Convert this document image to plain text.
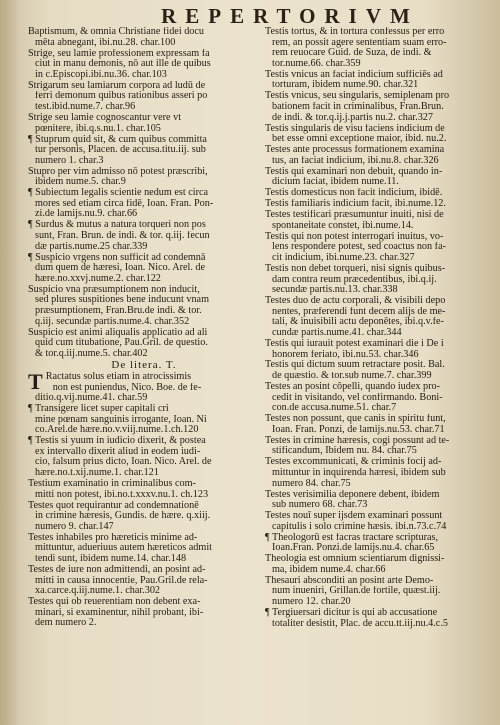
REPERTORIVM
Baptismum, & omnia Christiane fidei docu
mēta abnegant, ibi.nu.28. char.100
Strige, seu lamie professionem expressam fa
ciut in manu demonis, nō aut ille de quibus
in c.Episcopi.ibi.nu.36. char.103
Strigarum seu lamiarum corpora ad ludū de
ferri demonum quibus rationibus asseri po
test.ibid.nume.7. char.96
Strige seu lamie cognoscantur vere vt
pœnitere, ibi.q.s.nu.1. char.105
¶ Stuprum quid sit, & cum quibus committa
tur personis, Placen. de accusa.titu.iij. sub
numero 1. char.3
Stupro per vim admisso nō potest præscribi,
ibidem nume.5. char.9
¶ Subiectum legalis scientie nedum est circa
mores sed etiam circa fidē, Ioan. Fran. Pon-
zi.de lamijs.nu.9. char.66
¶ Surdus & mutus a natura torqueri non pos
sunt, Fran. Brun. de indi. & tor. q.iij. fecun
dæ partis.nume.25 char.339
¶ Suspicio vrgens non sufficit ad condemnā
dum quem de hæresi, Ioan. Nico. Arel. de
hære.no.xxvj.nume.2. char.122
Suspicio vna præsumptionem non inducit,
sed plures suspitiones bene inducunt vnam
præsumptionem, Fran.Bru.de indi. & tor.
q.iij. secundæ partis.nume.4. char.352
Suspicio est animi aliqualis applicatio ad ali
quid cum titubatione, Pau.Gril. de questio.
& tor.q.iij.nume.5. char.402
De litera. T.
T Ractatus solus etiam in atrocissimis
non est puniendus, Nico. Boe. de fe-
ditio.q.vij.nume.41. char.59
¶ Transigere licet super capitali cri
mine pœnam sanguinis irrogante, Ioan. Ni
co.Arel.de hære.no.v.viij.nume.1.ch.120
¶ Testis si yuum in iudicio dixerit, & postea
ex intervallo dixerit aliud in eodem iudi-
cio, falsum prius dicto, Ioan. Nico. Arel. de
hære.no.t.xij.nume.1. char.121
Testium examinatio in criminalibus com-
mitti non potest, ibi.no.t.xxxv.nu.1. ch.123
Testes quot requirantur ad condemnationē
in crimine hæresis, Gundis. de hære. q.xiij.
numero 9. char.147
Testes inhabiles pro hæreticis minime ad-
mittuntur, adueriuus autem hæreticos admit
tendi sunt, ibidem nume.14. char.148
Testes de iure non admittendi, an posint ad-
mitti in causa innocentie, Pau.Gril.de rela-
xa.carce.q.iij.nume.1. char.302
Testes qui ob reuerentiam non debent exa-
minari, si examinentur, nihil probant, ibi-
dem numero 2.
Testis tortus, & in tortura confessus per erro
rem, an possit agere sententiam suam erro-
rem reuocare Guid. de Suza, de indi. &
tor.nume.66. char.359
Testis vnicus an faciat indicium sufficiēs ad
torturam, ibidem nume.90. char.321
Testis vnicus, seu singularis, semiplenam pro
bationem facit in criminalibus, Fran.Brun.
de indi. & tor.q.ij.j.partis nu.2. char.327
Testis singularis de visu faciens indicium de
bet esse omni exceptione maior, ibid. nu.2.
Testes ante processus formationem examina
tus, an faciat indicium, ibi.nu.8. char.326
Testis qui examinari non debuit, quando in-
dicium faciat, ibidem nume.11.
Testis domesticus non facit indicium, ibidē.
Testis familiaris indicium facit, ibi.nume.12.
Testes testificari præsumuntur inuiti, nisi de
spontaneitate constet, ibi.nume.14.
Testis qui non potest interrogari inuitus, vo-
lens respondere potest, sed coactus non fa-
cit indicium, ibi.nume.23. char.327
Testis non debet torqueri, nisi signis quibus-
dam contra reum præcedentibus, ibi.q.ij.
secundæ partis.nu.13. char.338
Testes duo de actu corporali, & visibili depo
nentes, præferendi funt decem alijs de me-
tali, & inuisibili actu deponētes, ibi.q.v.fe-
cundæ partis.nume.41. char.344
Testis qui iurauit potest examinari die i De i
honorem feriato, ibi.nu.53. char.346
Testis qui dictum suum retractare posit. Bal.
de quæstio. & tor.sub nume.7. char.399
Testes an posint cōpelli, quando iudex pro-
cedit in visitando, vel confirmando. Boni-
con.de accusa.nume.51. char.7
Testes non possunt, que canis in spiritu funt,
Ioan. Fran. Ponzi, de lamijs.nu.53. char.71
Testes in crimine hæresis, cogi possunt ad te-
stificandum, Ibidem nu. 84. char.75
Testes excommunicati, & criminis focij ad-
mittuntur in inquirenda hæresi, ibidem sub
numero 84. char.75
Testes verisimilia deponere debent, ibidem
sub numero 68. char.73
Testes nouī super ijsdem examinari possunt
capitulis i solo crimine hæsis. ibi.n.73.c.74
¶ Theologorū est facras tractare scripturas,
Ioan.Fran. Ponzi.de lamijs.nu.4. char.65
Theologia est omnium scientiarum dignissi-
ma, ibidem nume.4. char.66
Thesauri absconditi an posint arte Demo-
num inueniri, Grillan.de fortile, quæst.iij.
numero 12. char.20
¶ Tergiuersari dicitur is qui ab accusatione
totaliter desistit, Plac. de accu.tt.iij.nu.4.c.5
